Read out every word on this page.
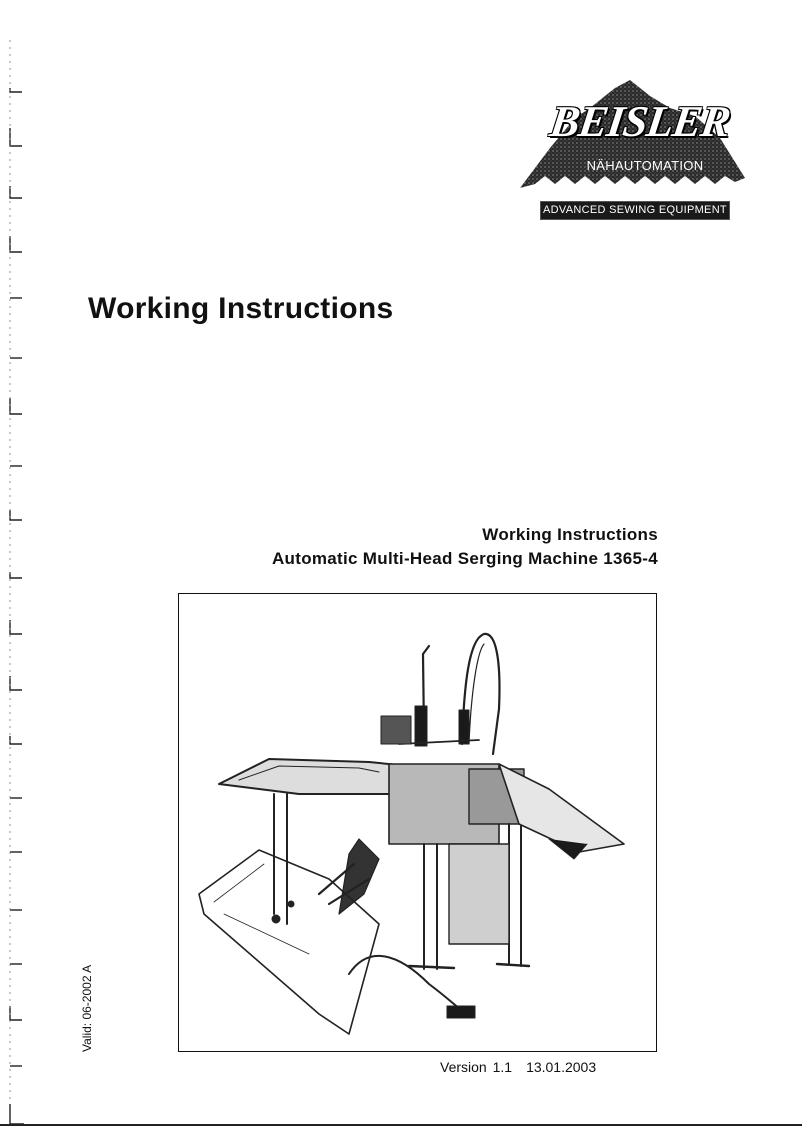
BEISLER
NÄHAUTOMATION
ADVANCED SEWING EQUIPMENT
Working Instructions
Working Instructions
Automatic Multi-Head Serging Machine 1365-4
Valid: 06-2002 A
Version 1.1 13.01.2003
